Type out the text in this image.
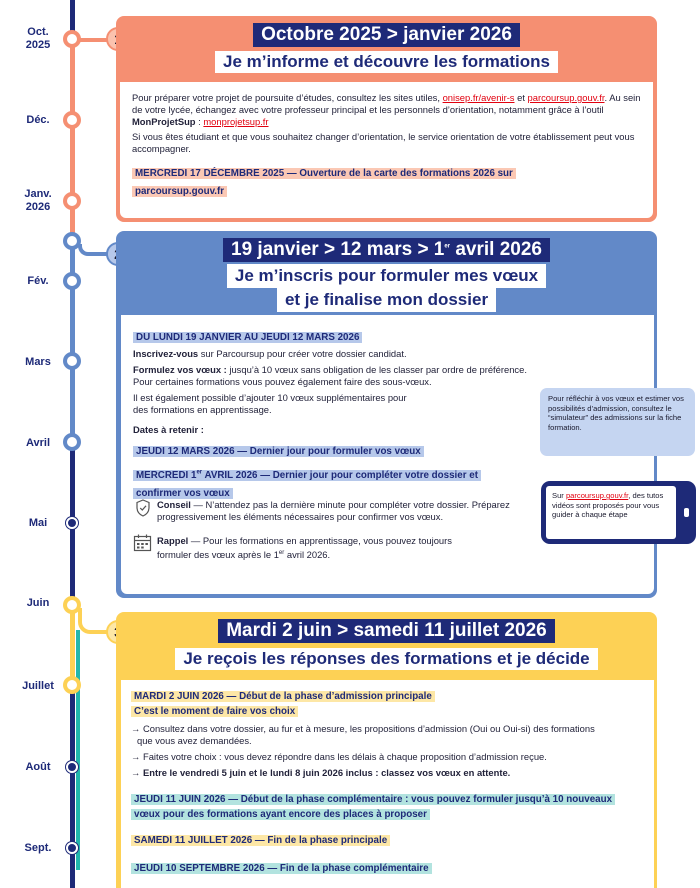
Oct. 2025
Déc.
Janv. 2026
Fév.
Mars
Avril
Mai
Juin
Juillet
Août
Sept.
Octobre 2025 > janvier 2026
Je m’informe et découvre les formations

Pour préparer votre projet de poursuite d’études, consultez les sites utiles, onisep.fr/avenir-s et parcoursup.gouv.fr. Au sein de votre lycée, échangez avec votre professeur principal et les personnels d’orientation, notamment grâce à l’outil MonProjetSup : monprojetsup.fr

Si vous êtes étudiant et que vous souhaitez changer d’orientation, le service orientation de votre établissement peut vous accompagner.

MERCREDI 17 DÉCEMBRE 2025 — Ouverture de la carte des formations 2026 sur parcoursup.gouv.fr
19 janvier > 12 mars > 1er avril 2026
Je m’inscris pour formuler mes vœux
et je finalise mon dossier
DU LUNDI 19 JANVIER AU JEUDI 12 MARS 2026

Inscrivez-vous sur Parcoursup pour créer votre dossier candidat.

Formulez vos vœux : jusqu’à 10 vœux sans obligation de les classer par ordre de préférence. Pour certaines formations vous pouvez également faire des sous-vœux.

Il est également possible d’ajouter 10 vœux supplémentaires pour des formations en apprentissage.

Dates à retenir :

JEUDI 12 MARS 2026 — Dernier jour pour formuler vos vœux
MERCREDI 1er AVRIL 2026 — Dernier jour pour compléter votre dossier et confirmer vos vœux

Conseil — N’attendez pas la dernière minute pour compléter votre dossier. Préparez progressivement les éléments nécessaires pour confirmer vos vœux.

Rappel — Pour les formations en apprentissage, vous pouvez toujours formuler des vœux après le 1er avril 2026.

Pour réfléchir à vos vœux et estimer vos possibilités d’admission, consultez le “simulateur” des admissions sur la fiche formation.
Sur parcoursup.gouv.fr, des tutos vidéos sont proposés pour vous guider à chaque étape
Mardi 2 juin > samedi 11 juillet 2026
Je reçois les réponses des formations et je décide
MARDI 2 JUIN 2026 — Début de la phase d’admission principale
C’est le moment de faire vos choix

→ Consultez dans votre dossier, au fur et à mesure, les propositions d’admission (Oui ou Oui-si) des formations que vous avez demandées.

→ Faites votre choix : vous devez répondre dans les délais à chaque proposition d’admission reçue.

→ Entre le vendredi 5 juin et le lundi 8 juin 2026 inclus : classez vos vœux en attente.

JEUDI 11 JUIN 2026 — Début de la phase complémentaire : vous pouvez formuler jusqu’à 10 nouveaux vœux pour des formations ayant encore des places à proposer
SAMEDI 11 JUILLET 2026 — Fin de la phase principale
JEUDI 10 SEPTEMBRE 2026 — Fin de la phase complémentaire
